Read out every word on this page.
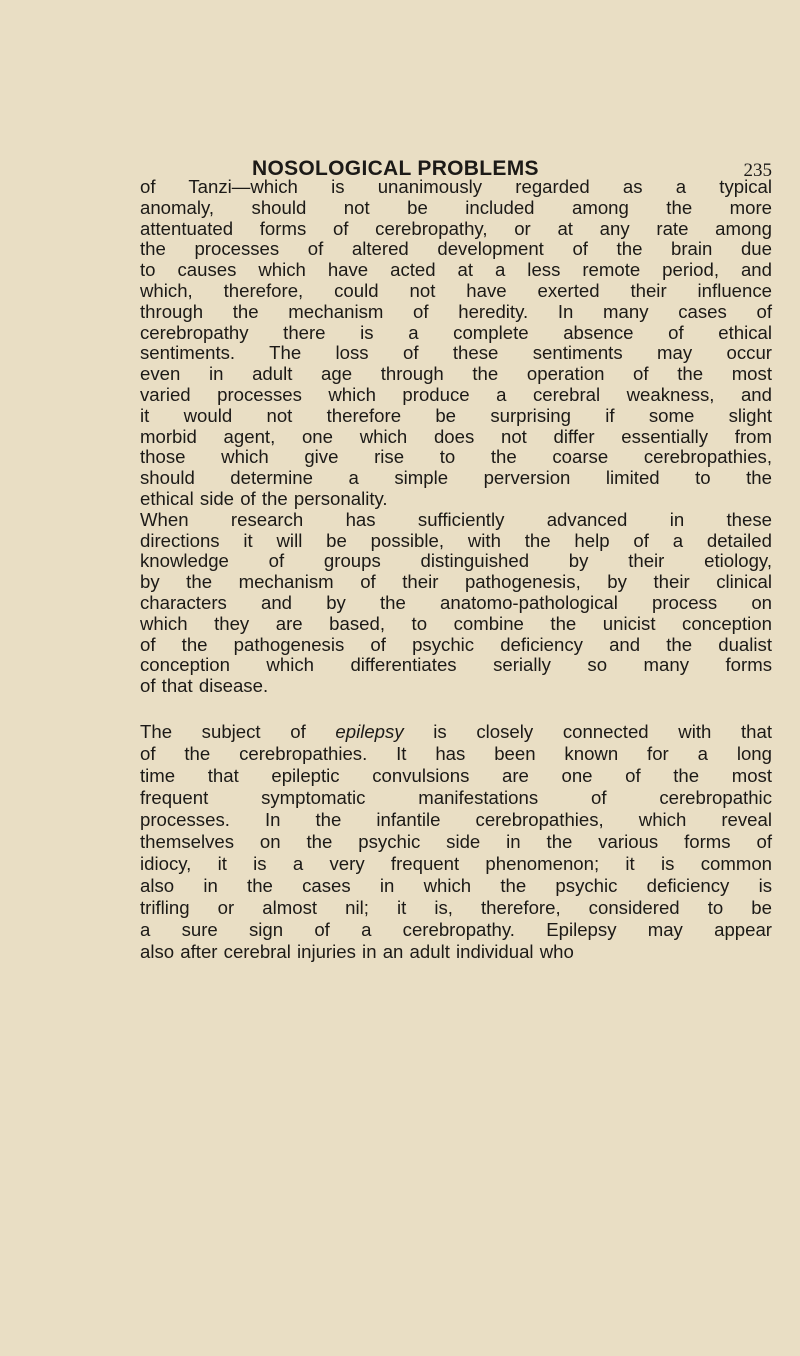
NOSOLOGICAL PROBLEMS	235
of Tanzi—which is unanimously regarded as a typical
anomaly, should not be included among the more
attentuated forms of cerebropathy, or at any rate among
the processes of altered development of the brain due
to causes which have acted at a less remote period, and
which, therefore, could not have exerted their influence
through the mechanism of heredity. In many cases of
cerebropathy there is a complete absence of ethical
sentiments. The loss of these sentiments may occur
even in adult age through the operation of the most
varied processes which produce a cerebral weakness, and
it would not therefore be surprising if some slight
morbid agent, one which does not differ essentially from
those which give rise to the coarse cerebropathies,
should determine a simple perversion limited to the
ethical side of the personality.
When research has sufficiently advanced in these
directions it will be possible, with the help of a detailed
knowledge of groups distinguished by their etiology,
by the mechanism of their pathogenesis, by their clinical
characters and by the anatomo-pathological process on
which they are based, to combine the unicist conception
of the pathogenesis of psychic deficiency and the dualist
conception which differentiates serially so many forms
of that disease.
The subject of epilepsy is closely connected with that
of the cerebropathies. It has been known for a long
time that epileptic convulsions are one of the most
frequent symptomatic manifestations of cerebropathic
processes. In the infantile cerebropathies, which reveal
themselves on the psychic side in the various forms of
idiocy, it is a very frequent phenomenon; it is common
also in the cases in which the psychic deficiency is
trifling or almost nil; it is, therefore, considered to be
a sure sign of a cerebropathy. Epilepsy may appear
also after cerebral injuries in an adult individual who
